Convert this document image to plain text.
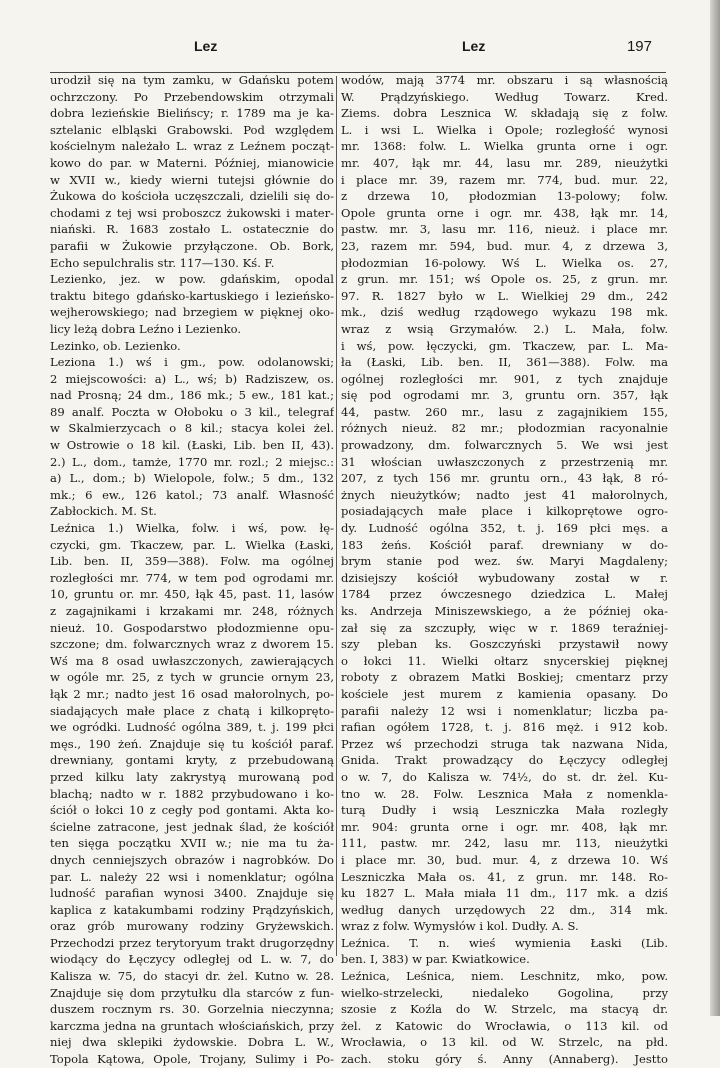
Lez	Lez	197
urodził się na tym zamku, w Gdańsku potem
ochrzczony. Po Przebendowskim otrzymali
dobra lezieńskie Bielińscy; r. 1789 ma je ka-
sztelanic elbląski Grabowski. Pod względem
kościelnym należało L. wraz z Leźnem począt-
kowo do par. w Materni. Później, mianowicie
w XVII w., kiedy wierni tutejsi głównie do
Żukowa do kościoła uczęszczali, dzielili się do-
chodami z tej wsi proboszcz żukowski i mater-
niański. R. 1683 zostało L. ostatecznie do
parafii w Żukowie przyłączone. Ob. Bork,
Echo sepulchralis str. 117—130. Kś. F.
Lezienko, jez. w pow. gdańskim, opodal
traktu bitego gdańsko-kartuskiego i lezieńsko-
wejherowskiego; nad brzegiem w pięknej oko-
licy leżą dobra Leźno i Lezienko.
Lezinko, ob. Lezienko.
Leziona 1.) wś i gm., pow. odolanowski;
2 miejscowości: a) L., wś; b) Radziszew, os.
nad Prosną; 24 dm., 186 mk.; 5 ew., 181 kat.;
89 analf. Poczta w Ołoboku o 3 kil., telegraf
w Skalmierzycach o 8 kil.; stacya kolei żel.
w Ostrowie o 18 kil. (Łaski, Lib. ben II, 43).
2.) L., dom., tamże, 1770 mr. rozl.; 2 miejsc.:
a) L., dom.; b) Wielopole, folw.; 5 dm., 132
mk.; 6 ew., 126 katol.; 73 analf. Własność
Zabłockich. M. St.
Leźnica 1.) Wielka, folw. i wś, pow. łę-
czycki, gm. Tkaczew, par. L. Wielka (Łaski,
Lib. ben. II, 359—388). Folw. ma ogólnej
rozległości mr. 774, w tem pod ogrodami mr.
10, gruntu or. mr. 450, łąk 45, past. 11, lasów
z zagajnikami i krzakami mr. 248, różnych
nieuż. 10. Gospodarstwo płodozmienne opu-
szczone; dm. folwarcznych wraz z dworem 15.
Wś ma 8 osad uwłaszczonych, zawierających
w ogóle mr. 25, z tych w gruncie ornym 23,
łąk 2 mr.; nadto jest 16 osad małorolnych, po-
siadających małe place z chatą i kilkopręto-
we ogródki. Ludność ogólna 389, t. j. 199 płci
męs., 190 żeń. Znajduje się tu kościół paraf.
drewniany, gontami kryty, z przebudowaną
przed kilku laty zakrystyą murowaną pod
blachą; nadto w r. 1882 przybudowano i ko-
ściół o łokci 10 z cegły pod gontami. Akta ko-
ścielne zatracone, jest jednak ślad, że kościół
ten sięga początku XVII w.; nie ma tu ża-
dnych cenniejszych obrazów i nagrobków. Do
par. L. należy 22 wsi i nomenklatur; ogólna
ludność parafian wynosi 3400. Znajduje się
kaplica z katakumbami rodziny Prądzyńskich,
oraz grób murowany rodziny Gryżewskich.
Przechodzi przez terytoryum trakt drugorzędny
wiodący do Łęczycy odległej od L. w. 7, do
Kalisza w. 75, do stacyi dr. żel. Kutno w. 28.
Znajduje się dom przytułku dla starców z fun-
duszem rocznym rs. 30. Gorzelnia nieczynna;
karczma jedna na gruntach włościańskich, przy
niej dwa sklepiki żydowskie. Dobra L. W.,
Topola Kątowa, Opole, Trojany, Sulimy i Po-
wodów, mają 3774 mr. obszaru i są własnością
W. Prądzyńskiego. Według Towarz. Kred.
Ziems. dobra Lesznica W. składają się z folw.
L. i wsi L. Wielka i Opole; rozległość wynosi
mr. 1368: folw. L. Wielka grunta orne i ogr.
mr. 407, łąk mr. 44, lasu mr. 289, nieużytki
i place mr. 39, razem mr. 774, bud. mur. 22,
z drzewa 10, płodozmian 13-polowy; folw.
Opole grunta orne i ogr. mr. 438, łąk mr. 14,
pastw. mr. 3, lasu mr. 116, nieuż. i place mr.
23, razem mr. 594, bud. mur. 4, z drzewa 3,
płodozmian 16-polowy. Wś L. Wielka os. 27,
z grun. mr. 151; wś Opole os. 25, z grun. mr.
97. R. 1827 było w L. Wielkiej 29 dm., 242
mk., dziś według rządowego wykazu 198 mk.
wraz z wsią Grzymałów. 2.) L. Mała, folw.
i wś, pow. łęczycki, gm. Tkaczew, par. L. Ma-
ła (Łaski, Lib. ben. II, 361—388). Folw. ma
ogólnej rozległości mr. 901, z tych znajduje
się pod ogrodami mr. 3, gruntu orn. 357, łąk
44, pastw. 260 mr., lasu z zagajnikiem 155,
różnych nieuż. 82 mr.; płodozmian racyonalnie
prowadzony, dm. folwarcznych 5. We wsi jest
31 włościan uwłaszczonych z przestrzenią mr.
207, z tych 156 mr. gruntu orn., 43 łąk, 8 ró-
żnych nieużytków; nadto jest 41 małorolnych,
posiadających małe place i kilkoprętowe ogro-
dy. Ludność ogólna 352, t. j. 169 płci męs. a
183 żeńs. Kościół paraf. drewniany w do-
brym stanie pod wez. św. Maryi Magdaleny;
dzisiejszy kościół wybudowany został w r.
1784 przez ówczesnego dziedzica L. Małej
ks. Andrzeja Miniszewskiego, a że później oka-
zał się za szczupły, więc w r. 1869 teraźniej-
szy pleban ks. Goszczyński przystawił nowy
o łokci 11. Wielki ołtarz snycerskiej pięknej
roboty z obrazem Matki Boskiej; cmentarz przy
kościele jest murem z kamienia opasany. Do
parafii należy 12 wsi i nomenklatur; liczba pa-
rafian ogółem 1728, t. j. 816 męż. i 912 kob.
Przez wś przechodzi struga tak nazwana Nida,
Gnida. Trakt prowadzący do Łęczycy odległej
o w. 7, do Kalisza w. 74½, do st. dr. żel. Ku-
tno w. 28. Folw. Lesznica Mała z nomenkla-
turą Dudły i wsią Leszniczka Mała rozległy
mr. 904: grunta orne i ogr. mr. 408, łąk mr.
111, pastw. mr. 242, lasu mr. 113, nieużytki
i place mr. 30, bud. mur. 4, z drzewa 10. Wś
Leszniczka Mała os. 41, z grun. mr. 148. Ro-
ku 1827 L. Mała miała 11 dm., 117 mk. a dziś
według danych urzędowych 22 dm., 314 mk.
wraz z folw. Wymysłów i kol. Dudły. A. S.
Leźnica. T. n. wieś wymienia Łaski (Lib.
ben. I, 383) w par. Kwiatkowice.
Leźnica, Leśnica, niem. Leschnitz, mko, pow.
wielko-strzelecki, niedaleko Gogolina, przy
szosie z Koźla do W. Strzelc, ma stacyą dr.
żel. z Katowic do Wrocławia, o 113 kil. od
Wrocławia, o 13 kil. od W. Strzelc, na płd.
zach. stoku góry ś. Anny (Annaberg). Jestto
